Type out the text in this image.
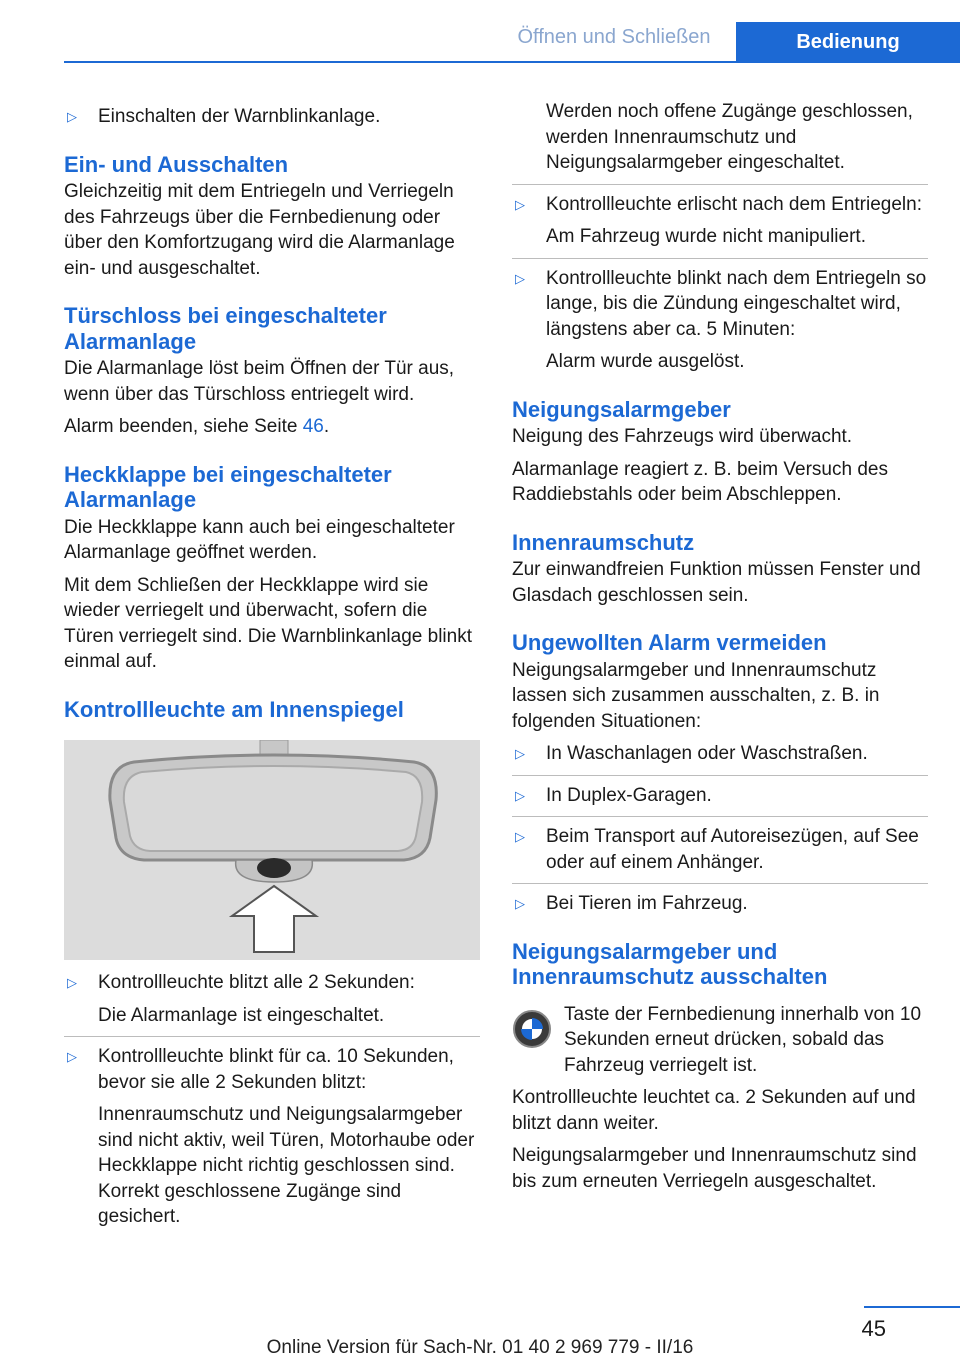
Öffnen und Schließen	Bedienung
▷ Einschalten der Warnblinkanlage.

Ein- und Ausschalten

Gleichzeitig mit dem Entriegeln und Verriegeln des Fahrzeugs über die Fernbedienung oder über den Komfortzugang wird die Alarmanlage ein- und ausgeschaltet.

Türschloss bei eingeschalteter Alarmanlage

Die Alarmanlage löst beim Öffnen der Tür aus, wenn über das Türschloss entriegelt wird.

Alarm beenden, siehe Seite 46.

Heckklappe bei eingeschalteter Alarmanlage

Die Heckklappe kann auch bei eingeschalteter Alarmanlage geöffnet werden.

Mit dem Schließen der Heckklappe wird sie wieder verriegelt und überwacht, sofern die Türen verriegelt sind. Die Warnblinkanlage blinkt einmal auf.

Kontrollleuchte am Innenspiegel
▷ Kontrollleuchte blitzt alle 2 Sekunden:

Die Alarmanlage ist eingeschaltet.

▷ Kontrollleuchte blinkt für ca. 10 Sekunden, bevor sie alle 2 Sekunden blitzt:

Innenraumschutz und Neigungsalarmgeber sind nicht aktiv, weil Türen, Motorhaube oder Heckklappe nicht richtig geschlossen sind. Korrekt geschlossene Zugänge sind gesichert.

Werden noch offene Zugänge geschlossen, werden Innenraumschutz und Neigungsalarmgeber eingeschaltet.

▷ Kontrollleuchte erlischt nach dem Entriegeln:

Am Fahrzeug wurde nicht manipuliert.

▷ Kontrollleuchte blinkt nach dem Entriegeln so lange, bis die Zündung eingeschaltet wird, längstens aber ca. 5 Minuten:

Alarm wurde ausgelöst.

Neigungsalarmgeber

Neigung des Fahrzeugs wird überwacht.

Alarmanlage reagiert z. B. beim Versuch des Raddiebstahls oder beim Abschleppen.

Innenraumschutz

Zur einwandfreien Funktion müssen Fenster und Glasdach geschlossen sein.

Ungewollten Alarm vermeiden

Neigungsalarmgeber und Innenraumschutz lassen sich zusammen ausschalten, z. B. in folgenden Situationen:

▷ In Waschanlagen oder Waschstraßen.

▷ In Duplex-Garagen.

▷ Beim Transport auf Autoreisezügen, auf See oder auf einem Anhänger.

▷ Bei Tieren im Fahrzeug.

Neigungsalarmgeber und Innenraumschutz ausschalten

Taste der Fernbedienung innerhalb von 10 Sekunden erneut drücken, sobald das Fahrzeug verriegelt ist.

Kontrollleuchte leuchtet ca. 2 Sekunden auf und blitzt dann weiter.

Neigungsalarmgeber und Innenraumschutz sind bis zum erneuten Verriegeln ausgeschaltet.

45
Online Version für Sach-Nr. 01 40 2 969 779 - II/16
